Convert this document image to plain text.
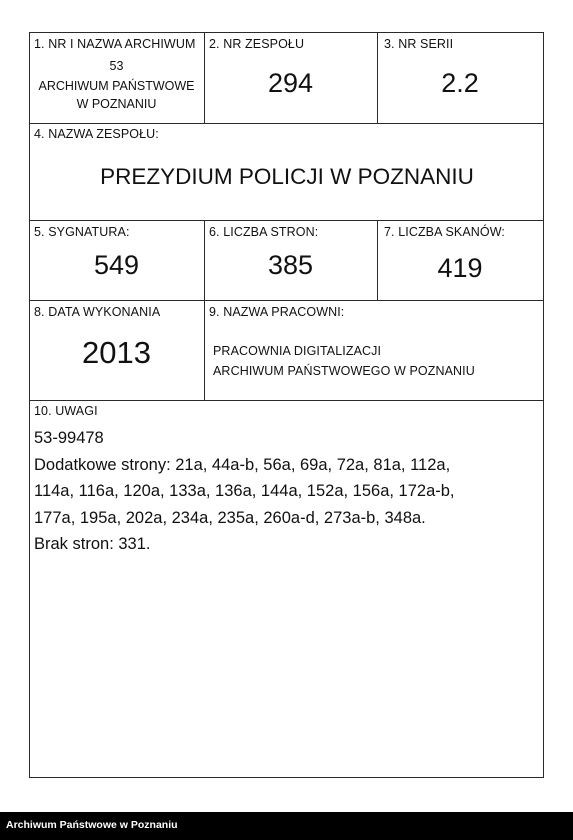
1. NR I NAZWA ARCHIWUM
53
ARCHIWUM PAŃSTWOWE
W POZNANIU
2. NR ZESPOŁU
294
3. NR SERII
2.2
4. NAZWA ZESPOŁU:
PREZYDIUM POLICJI W POZNANIU
5. SYGNATURA:
549
6. LICZBA STRON:
385
7. LICZBA SKANÓW:
419
8. DATA WYKONANIA
2013
9. NAZWA PRACOWNI:
PRACOWNIA DIGITALIZACJI
ARCHIWUM PAŃSTWOWEGO W POZNANIU
10. UWAGI
53-99478
Dodatkowe strony: 21a, 44a-b, 56a, 69a, 72a, 81a, 112a,
114a, 116a, 120a, 133a, 136a, 144a, 152a, 156a, 172a-b,
177a, 195a, 202a, 234a, 235a, 260a-d, 273a-b, 348a.
Brak stron: 331.
Archiwum Państwowe w Poznaniu
